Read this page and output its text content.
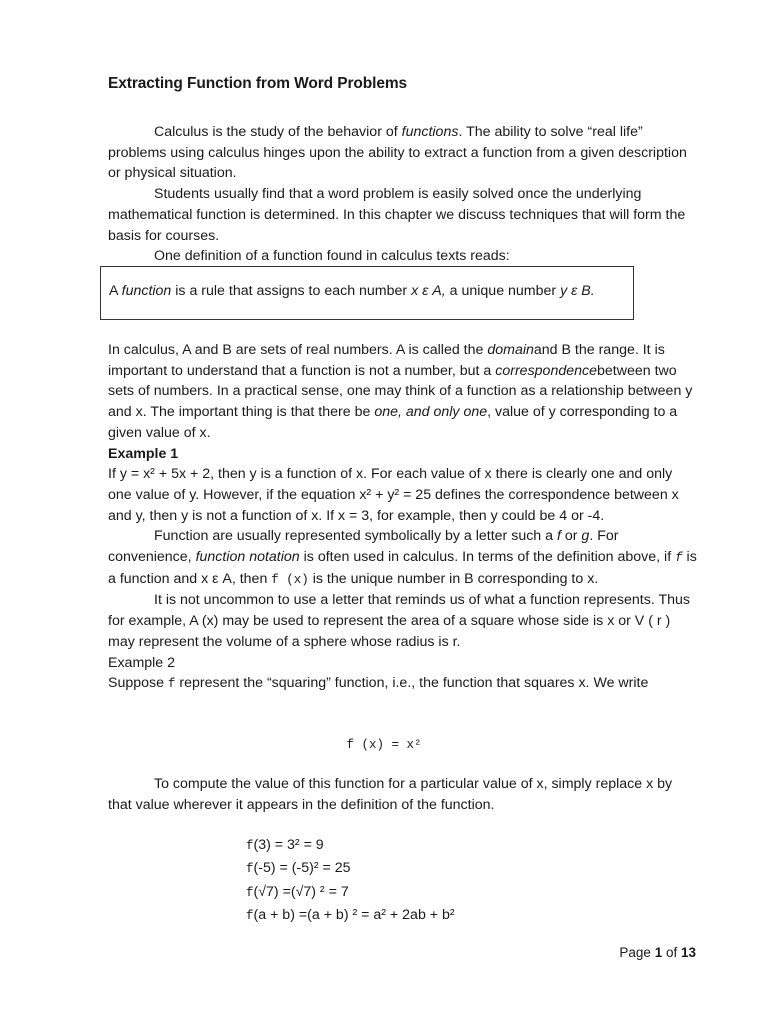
Extracting Function from Word Problems

Calculus is the study of the behavior of functions. The ability to solve “real life” problems using calculus hinges upon the ability to extract a function from a given description or physical situation.

Students usually find that a word problem is easily solved once the underlying mathematical function is determined. In this chapter we discuss techniques that will form the basis for courses.

One definition of a function found in calculus texts reads:

A function is a rule that assigns to each number x ε A, a unique number y ε B.

In calculus, A and B are sets of real numbers. A is called the domainand B the range. It is important to understand that a function is not a number, but a correspondencebetween two sets of numbers. In a practical sense, one may think of a function as a relationship between y and x. The important thing is that there be one, and only one, value of y corresponding to a given value of x.

Example 1

If y = x² + 5x + 2, then y is a function of x. For each value of x there is clearly one and only one value of y. However, if the equation x² + y² = 25 defines the correspondence between x and y, then y is not a function of x. If x = 3, for example, then y could be 4 or -4.

Function are usually represented symbolically by a letter such a f or g. For convenience, function notation is often used in calculus. In terms of the definition above, if f is a function and x ε A, then f (x) is the unique number in B corresponding to x.

It is not uncommon to use a letter that reminds us of what a function represents. Thus for example, A (x) may be used to represent the area of a square whose side is x or V ( r ) may represent the volume of a sphere whose radius is r.

Example 2

Suppose f represent the “squaring” function, i.e., the function that squares x. We write

f (x) = x²

To compute the value of this function for a particular value of x, simply replace x by that value wherever it appears in the definition of the function.

f(3) = 3² = 9
f(-5) = (-5)² = 25
f(√7) =(√7) ² = 7
f(a + b) =(a + b) ² = a² + 2ab + b²
Page 1 of 13
